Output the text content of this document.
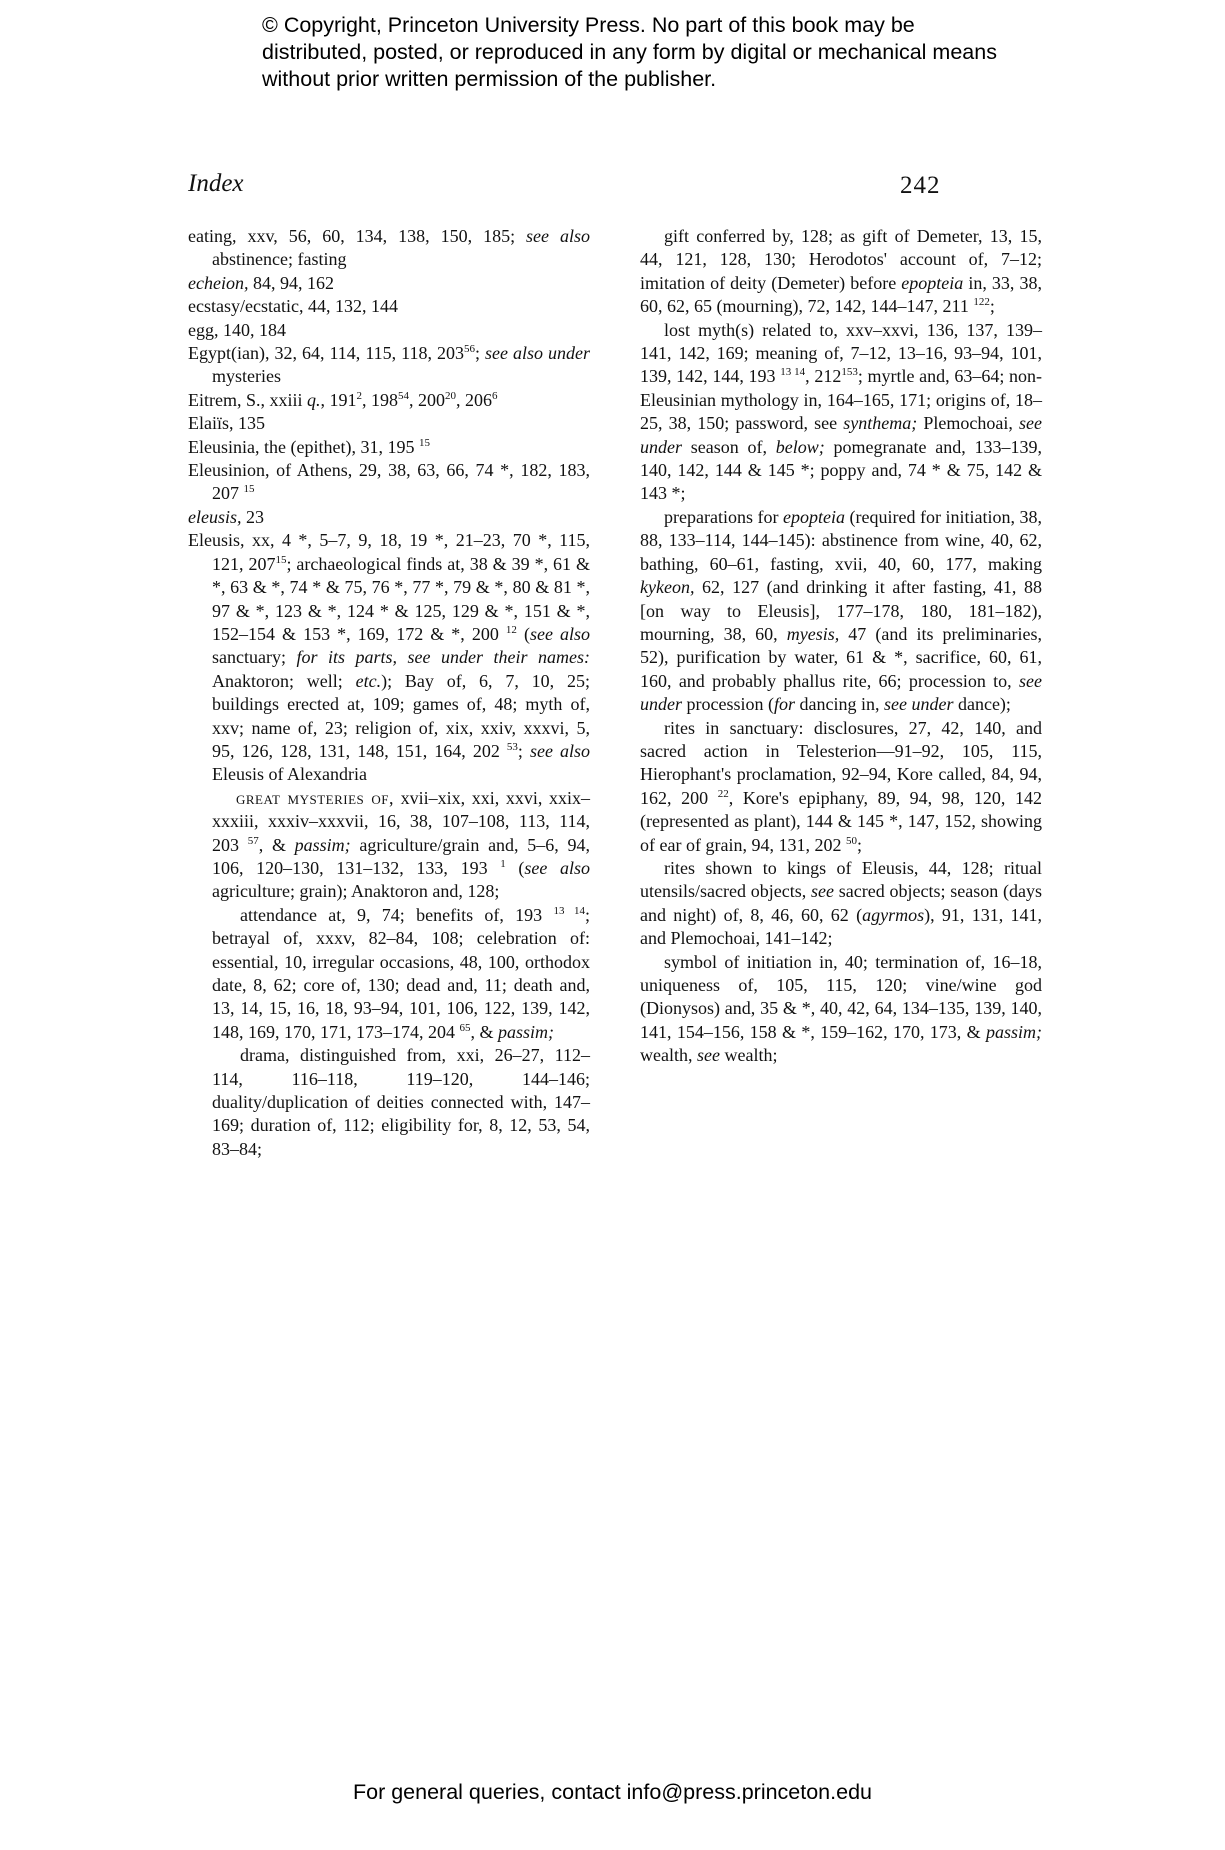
© Copyright, Princeton University Press. No part of this book may be distributed, posted, or reproduced in any form by digital or mechanical means without prior written permission of the publisher.
Index	242

eating, xxv, 56, 60, 134, 138, 150, 185; see also abstinence; fasting

echeion, 84, 94, 162

ecstasy/ecstatic, 44, 132, 144

egg, 140, 184

Egypt(ian), 32, 64, 114, 115, 118, $203^{56}$; see also under mysteries

Eitrem, S., xxiii q., $191^2$, $198^{54}$, $200^{20}$, $206^6$

Elaiïs, 135

Eleusinia, the (epithet), 31, 195 $^{15}$

Eleusinion, of Athens, 29, 38, 63, 66, 74 *, 182, 183, 207 $^{15}$

eleusis, 23

Eleusis, xx, 4 *, 5–7, 9, 18, 19 *, 21–23, 70 *, 115, 121, $207^{15}$; archaeological finds at, 38 & 39 *, 61 & *, 63 & *, 74 * & 75, 76 *, 77 *, 79 & *, 80 & 81 *, 97 & *, 123 & *, 124 * & 125, 129 & *, 151 & *, 152–154 & 153 *, 169, 172 & *, 200 $^{12}$ (see also sanctuary; for its parts, see under their names: Anaktoron; well; etc.); Bay of, 6, 7, 10, 25; buildings erected at, 109; games of, 48; myth of, xxv; name of, 23; religion of, xix, xxiv, xxxvi, 5, 95, 126, 128, 131, 148, 151, 164, 202 $^{53}$; see also Eleusis of Alexandria

great mysteries of, xvii–xix, xxi, xxvi, xxix–xxxiii, xxxiv–xxxvii, 16, 38, 107–108, 113, 114, 203 $^{57}$, & passim; agriculture/grain and, 5–6, 94, 106, 120–130, 131–132, 133, 193 $^1$ (see also agriculture; grain); Anaktoron and, 128;

attendance at, 9, 74; benefits of, 193 $^{13 14}$; betrayal of, xxxv, 82–84, 108; celebration of: essential, 10, irregular occasions, 48, 100, orthodox date, 8, 62; core of, 130; dead and, 11; death and, 13, 14, 15, 16, 18, 93–94, 101, 106, 122, 139, 142, 148, 169, 170, 171, 173–174, 204 $^{65}$, & passim;

drama, distinguished from, xxi, 26–27, 112–114, 116–118, 119–120, 144–146; duality/duplication of deities connected with, 147–169; duration of, 112; eligibility for, 8, 12, 53, 54, 83–84;

gift conferred by, 128; as gift of Demeter, 13, 15, 44, 121, 128, 130; Herodotos' account of, 7–12; imitation of deity (Demeter) before epopteia in, 33, 38, 60, 62, 65 (mourning), 72, 142, 144–147, 211 $^{122}$;

lost myth(s) related to, xxv–xxvi, 136, 137, 139–141, 142, 169; meaning of, 7–12, 13–16, 93–94, 101, 139, 142, 144, 193 $^{13 14}$, $212^{153}$; myrtle and, 63–64; non-Eleusinian mythology in, 164–165, 171; origins of, 18–25, 38, 150; password, see synthema; Plemochoai, see under season of, below; pomegranate and, 133–139, 140, 142, 144 & 145 *; poppy and, 74 * & 75, 142 & 143 *;

preparations for epopteia (required for initiation, 38, 88, 133–114, 144–145): abstinence from wine, 40, 62, bathing, 60–61, fasting, xvii, 40, 60, 177, making kykeon, 62, 127 (and drinking it after fasting, 41, 88 [on way to Eleusis], 177–178, 180, 181–182), mourning, 38, 60, myesis, 47 (and its preliminaries, 52), purification by water, 61 & *, sacrifice, 60, 61, 160, and probably phallus rite, 66; procession to, see under procession (for dancing in, see under dance);

rites in sanctuary: disclosures, 27, 42, 140, and sacred action in Telesterion—91–92, 105, 115, Hierophant's proclamation, 92–94, Kore called, 84, 94, 162, 200 $^{22}$, Kore's epiphany, 89, 94, 98, 120, 142 (represented as plant), 144 & 145 *, 147, 152, showing of ear of grain, 94, 131, 202 $^{50}$;

rites shown to kings of Eleusis, 44, 128; ritual utensils/sacred objects, see sacred objects; season (days and night) of, 8, 46, 60, 62 (agyrmos), 91, 131, 141, and Plemochoai, 141–142;

symbol of initiation in, 40; termination of, 16–18, uniqueness of, 105, 115, 120; vine/wine god (Dionysos) and, 35 & *, 40, 42, 64, 134–135, 139, 140, 141, 154–156, 158 & *, 159–162, 170, 173, & passim; wealth, see wealth;

For general queries, contact info@press.princeton.edu
